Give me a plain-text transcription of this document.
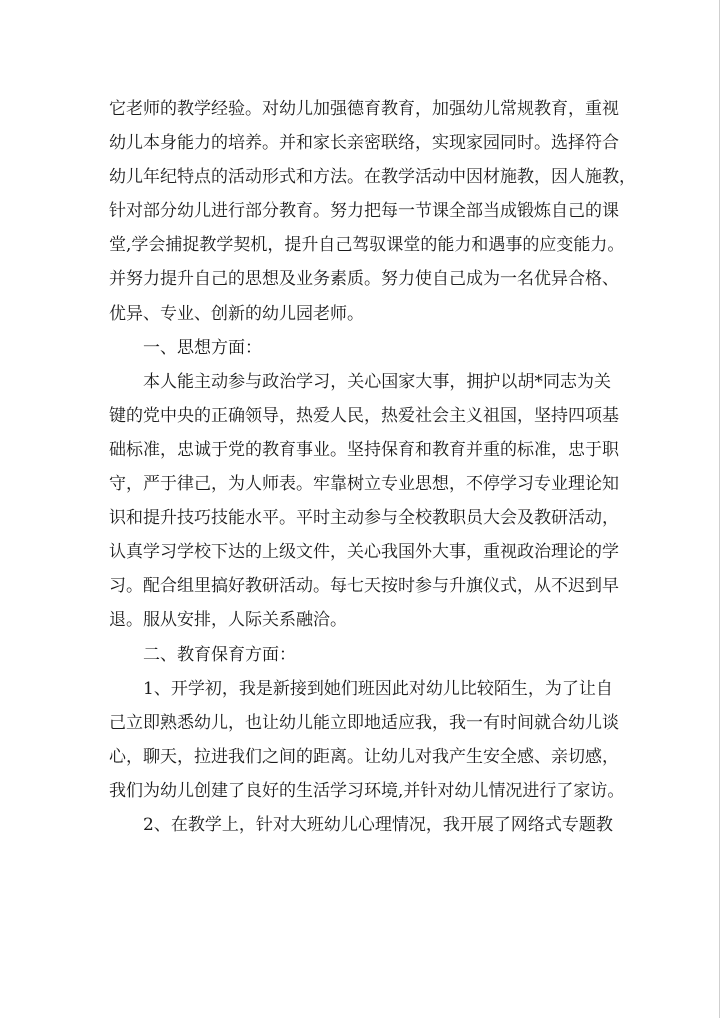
它老师的教学经验。对幼儿加强德育教育，加强幼儿常规教育，重视
幼儿本身能力的培养。并和家长亲密联络，实现家园同时。选择符合
幼儿年纪特点的活动形式和方法。在教学活动中因材施教，因人施教，
针对部分幼儿进行部分教育。努力把每一节课全部当成锻炼自己的课
堂,学会捕捉教学契机，提升自己驾驭课堂的能力和遇事的应变能力。
并努力提升自己的思想及业务素质。努力使自己成为一名优异合格、
优异、专业、创新的幼儿园老师。
一、思想方面：
本人能主动参与政治学习，关心国家大事，拥护以胡*同志为关
键的党中央的正确领导，热爱人民，热爱社会主义祖国，坚持四项基
础标准，忠诚于党的教育事业。坚持保育和教育并重的标准，忠于职
守，严于律己，为人师表。牢靠树立专业思想，不停学习专业理论知
识和提升技巧技能水平。平时主动参与全校教职员大会及教研活动，
认真学习学校下达的上级文件，关心我国外大事，重视政治理论的学
习。配合组里搞好教研活动。每七天按时参与升旗仪式，从不迟到早
退。服从安排，人际关系融洽。
二、教育保育方面：
1、开学初，我是新接到她们班因此对幼儿比较陌生，为了让自
己立即熟悉幼儿，也让幼儿能立即地适应我，我一有时间就合幼儿谈
心，聊天，拉进我们之间的距离。让幼儿对我产生安全感、亲切感，
我们为幼儿创建了良好的生活学习环境,并针对幼儿情况进行了家访。
2、在教学上，针对大班幼儿心理情况，我开展了网络式专题教
